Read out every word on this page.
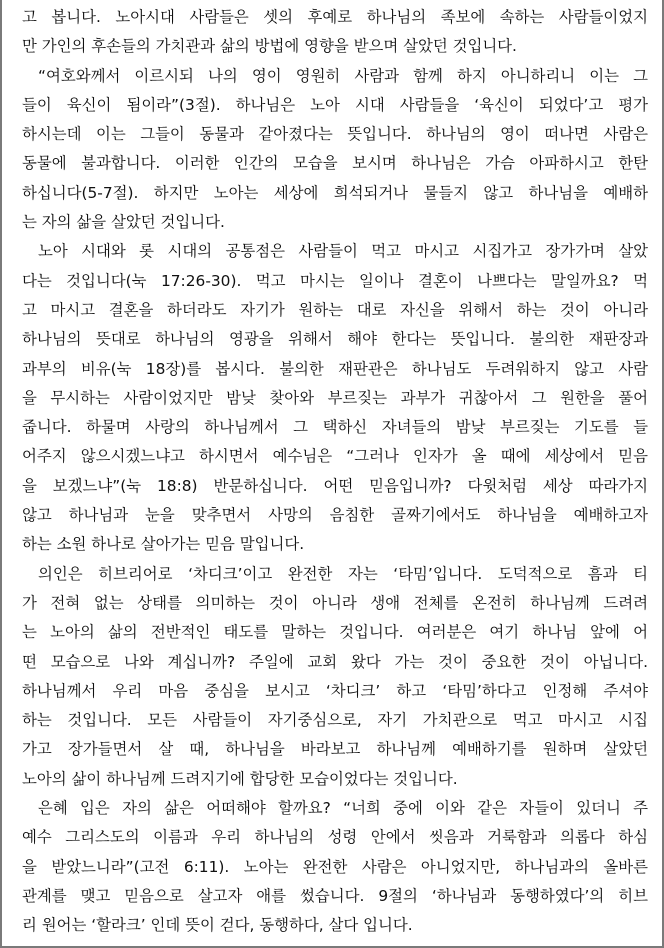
고 봅니다. 노아시대 사람들은 셋의 후예로 하나님의 족보에 속하는 사람들이었지
만 가인의 후손들의 가치관과 삶의 방법에 영향을 받으며 살았던 것입니다.
“여호와께서 이르시되 나의 영이 영원히 사람과 함께 하지 아니하리니 이는 그
들이 육신이 됨이라”(3절). 하나님은 노아 시대 사람들을 ‘육신이 되었다’고 평가
하시는데 이는 그들이 동물과 같아졌다는 뜻입니다. 하나님의 영이 떠나면 사람은
동물에 불과합니다. 이러한 인간의 모습을 보시며 하나님은 가슴 아파하시고 한탄
하십니다(5-7절). 하지만 노아는 세상에 희석되거나 물들지 않고 하나님을 예배하
는 자의 삶을 살았던 것입니다.
노아 시대와 롯 시대의 공통점은 사람들이 먹고 마시고 시집가고 장가가며 살았
다는 것입니다(눅 17:26-30). 먹고 마시는 일이나 결혼이 나쁘다는 말일까요? 먹
고 마시고 결혼을 하더라도 자기가 원하는 대로 자신을 위해서 하는 것이 아니라
하나님의 뜻대로 하나님의 영광을 위해서 해야 한다는 뜻입니다. 불의한 재판장과
과부의 비유(눅 18장)를 봅시다. 불의한 재판관은 하나님도 두려워하지 않고 사람
을 무시하는 사람이었지만 밤낮 찾아와 부르짖는 과부가 귀찮아서 그 원한을 풀어
줍니다. 하물며 사랑의 하나님께서 그 택하신 자녀들의 밤낮 부르짖는 기도를 들
어주지 않으시겠느냐고 하시면서 예수님은 “그러나 인자가 올 때에 세상에서 믿음
을 보겠느냐”(눅 18:8) 반문하십니다. 어떤 믿음입니까? 다윗처럼 세상 따라가지
않고 하나님과 눈을 맞추면서 사망의 음침한 골짜기에서도 하나님을 예배하고자
하는 소원 하나로 살아가는 믿음 말입니다.
의인은 히브리어로 ‘차디크’이고 완전한 자는 ‘타밈’입니다. 도덕적으로 흠과 티
가 전혀 없는 상태를 의미하는 것이 아니라 생애 전체를 온전히 하나님께 드려려
는 노아의 삶의 전반적인 태도를 말하는 것입니다. 여러분은 여기 하나님 앞에 어
떤 모습으로 나와 계십니까? 주일에 교회 왔다 가는 것이 중요한 것이 아닙니다.
하나님께서 우리 마음 중심을 보시고 ‘차디크’ 하고 ‘타밈’하다고 인정해 주셔야
하는 것입니다. 모든 사람들이 자기중심으로, 자기 가치관으로 먹고 마시고 시집
가고 장가들면서 살 때, 하나님을 바라보고 하나님께 예배하기를 원하며 살았던
노아의 삶이 하나님께 드려지기에 합당한 모습이었다는 것입니다.
은혜 입은 자의 삶은 어떠해야 할까요? “너희 중에 이와 같은 자들이 있더니 주
예수 그리스도의 이름과 우리 하나님의 성령 안에서 씻음과 거룩함과 의롭다 하심
을 받았느니라”(고전 6:11). 노아는 완전한 사람은 아니었지만, 하나님과의 올바른
관계를 맺고 믿음으로 살고자 애를 썼습니다. 9절의 ‘하나님과 동행하였다’의 히브
리 원어는 ‘할라크’ 인데 뜻이 걷다, 동행하다, 살다 입니다.
